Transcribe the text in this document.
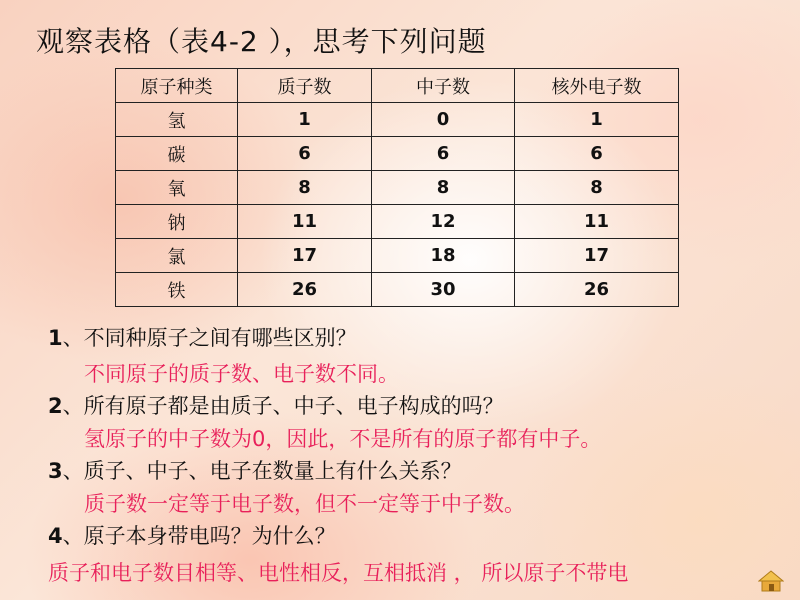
观察表格（表4-2 ），思考下列问题
原子种类	质子数	中子数	核外电子数
氢	1	0	1
碳	6	6	6
氧	8	8	8
钠	11	12	11
氯	17	18	17
铁	26	30	26
1、不同种原子之间有哪些区别？
不同原子的质子数、电子数不同。
2、所有原子都是由质子、中子、电子构成的吗？
氢原子的中子数为0，因此，不是所有的原子都有中子。
3、质子、中子、电子在数量上有什么关系？
质子数一定等于电子数，但不一定等于中子数。
4、原子本身带电吗？为什么？
质子和电子数目相等、电性相反，互相抵消 ， 所以原子不带电
